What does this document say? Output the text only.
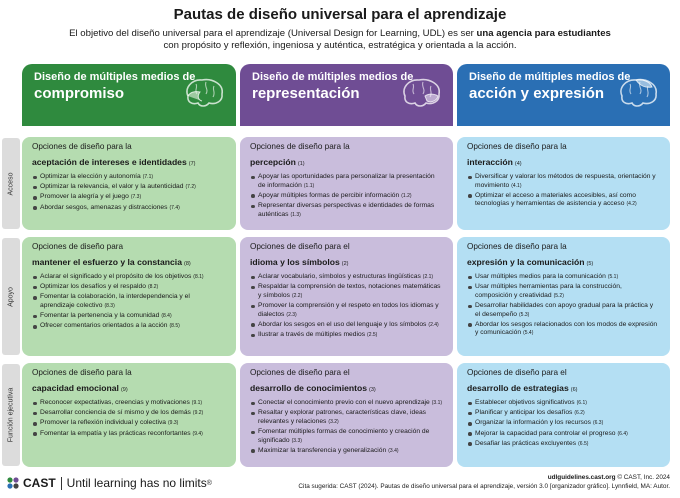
Pautas de diseño universal para el aprendizaje
El objetivo del diseño universal para el aprendizaje (Universal Design for Learning, UDL) es ser una agencia para estudiantes
con propósito y reflexión, ingeniosa y auténtica, estratégica y orientada a la acción.
Diseño de múltiples medios de
compromiso
Diseño de múltiples medios de
representación
Diseño de múltiples medios de
acción y expresión
Acceso
Apoyo
Función ejecutiva
Opciones de diseño para la
aceptación de intereses e identidades (7)
Optimizar la elección y autonomía (7.1)
Optimizar la relevancia, el valor y la autenticidad (7.2)
Promover la alegría y el juego (7.3)
Abordar sesgos, amenazas y distracciones (7.4)
Opciones de diseño para la
percepción (1)
Apoyar las oportunidades para personalizar la presentación de información (1.1)
Apoyar múltiples formas de percibir información (1.2)
Representar diversas perspectivas e identidades de formas auténticas (1.3)
Opciones de diseño para la
interacción (4)
Diversificar y valorar los métodos de respuesta, orientación y movimiento (4.1)
Optimizar el acceso a materiales accesibles, así como tecnologías y herramientas de asistencia y acceso (4.2)
Opciones de diseño para
mantener el esfuerzo y la constancia (8)
Aclarar el significado y el propósito de los objetivos (8.1)
Optimizar los desafíos y el respaldo (8.2)
Fomentar la colaboración, la interdependencia y el aprendizaje colectivo (8.3)
Fomentar la pertenencia y la comunidad (8.4)
Ofrecer comentarios orientados a la acción (8.5)
Opciones de diseño para el
idioma y los símbolos (2)
Aclarar vocabulario, símbolos y estructuras lingüísticas (2.1)
Respaldar la comprensión de textos, notaciones matemáticas y símbolos (2.2)
Promover la comprensión y el respeto en todos los idiomas y dialectos (2.3)
Abordar los sesgos en el uso del lenguaje y los símbolos (2.4)
Ilustrar a través de múltiples medios (2.5)
Opciones de diseño para la
expresión y la comunicación (5)
Usar múltiples medios para la comunicación (5.1)
Usar múltiples herramientas para la construcción, composición y creatividad (5.2)
Desarrollar habilidades con apoyo gradual para la práctica y el desempeño (5.3)
Abordar los sesgos relacionados con los modos de expresión y comunicación (5.4)
Opciones de diseño para la
capacidad emocional (9)
Reconocer expectativas, creencias y motivaciones (9.1)
Desarrollar conciencia de sí mismo y de los demás (9.2)
Promover la reflexión individual y colectiva (9.3)
Fomentar la empatía y las prácticas reconfortantes (9.4)
Opciones de diseño para el
desarrollo de conocimientos (3)
Conectar el conocimiento previo con el nuevo aprendizaje (3.1)
Resaltar y explorar patrones, características clave, ideas relevantes y relaciones (3.2)
Fomentar múltiples formas de conocimiento y creación de significado (3.3)
Maximizar la transferencia y generalización (3.4)
Opciones de diseño para el
desarrollo de estrategias (6)
Establecer objetivos significativos (6.1)
Planificar y anticipar los desafíos (6.2)
Organizar la información y los recursos (6.3)
Mejorar la capacidad para controlar el progreso (6.4)
Desafiar las prácticas excluyentes (6.5)
CAST Until learning has no limits ®
udlguidelines.cast.org © CAST, Inc. 2024
Cita sugerida: CAST (2024). Pautas de diseño universal para el aprendizaje, versión 3.0 [organizador gráfico]. Lynnfield, MA: Autor.
